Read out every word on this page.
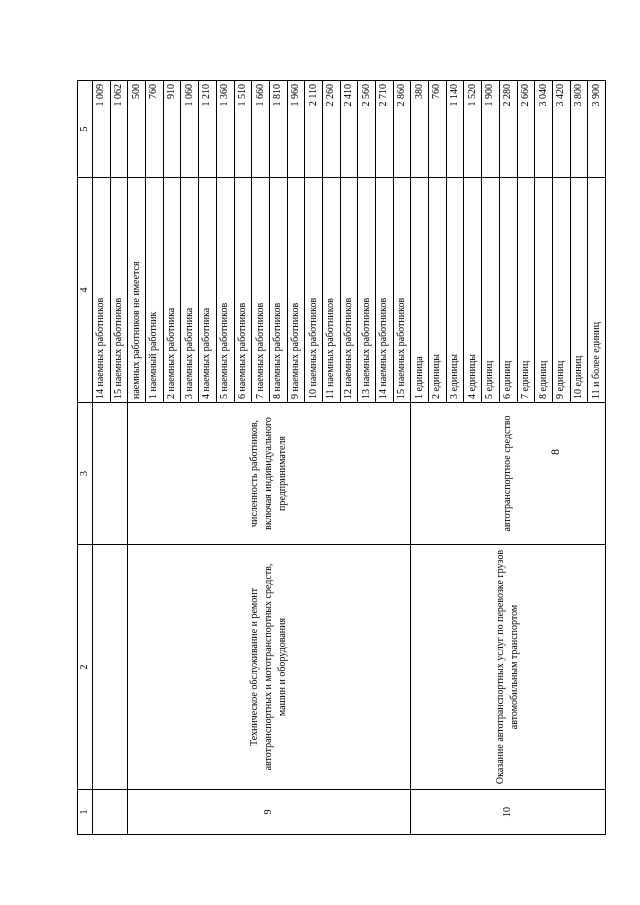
8
1	2	3	4	5
			14 наемных работников	1 009
			15 наемных работников	1 062
9	Техническое обслуживание и ремонт автотранспортных и мототранспортных средств, машин и оборудования	численность работников, включая индивидуального предпринимателя	наемных работников не имеется	500
			1 наемный работник	760
			2 наемных работника	910
			3 наемных работника	1 060
			4 наемных работника	1 210
			5 наемных работников	1 360
			6 наемных работников	1 510
			7 наемных работников	1 660
			8 наемных работников	1 810
			9 наемных работников	1 960
			10 наемных работников	2 110
			11 наемных работников	2 260
			12 наемных работников	2 410
			13 наемных работников	2 560
			14 наемных работников	2 710
			15 наемных работников	2 860
10	Оказание автотранспортных услуг по перевозке грузов автомобильным транспортом	автотранспортное средство	1 единица	380
			2 единицы	760
			3 единицы	1 140
			4 единицы	1 520
			5 единиц	1 900
			6 единиц	2 280
			7 единиц	2 660
			8 единиц	3 040
			9 единиц	3 420
			10 единиц	3 800
			11 и более единиц	3 900
